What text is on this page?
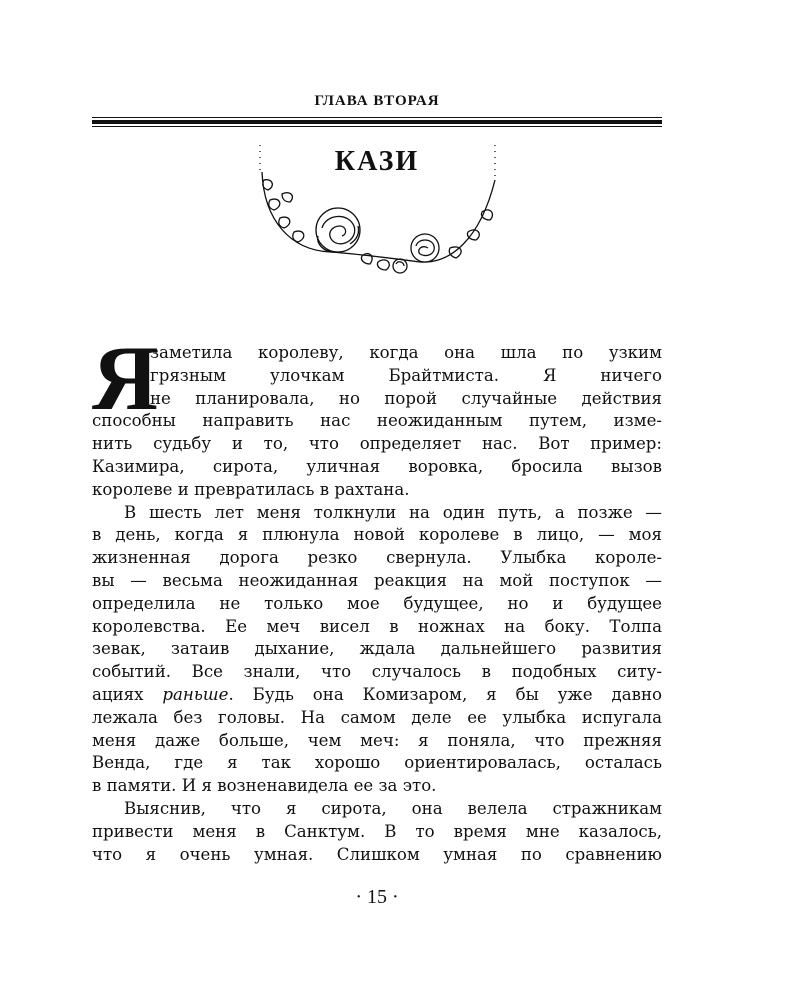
ГЛАВА ВТОРАЯ
КАЗИ
Я
заметила королеву, когда она шла по узким
грязным улочкам Брайтмиста. Я ничего
не планировала, но порой случайные действия
способны направить нас неожиданным путем, изме-
нить судьбу и то, что определяет нас. Вот пример:
Казимира, сирота, уличная воровка, бросила вызов
королеве и превратилась в рахтана.
В шесть лет меня толкнули на один путь, а позже —
в день, когда я плюнула новой королеве в лицо, — моя
жизненная дорога резко свернула. Улыбка короле-
вы — весьма неожиданная реакция на мой поступок —
определила не только мое будущее, но и будущее
королевства. Ее меч висел в ножнах на боку. Толпа
зевак, затаив дыхание, ждала дальнейшего развития
событий. Все знали, что случалось в подобных ситу-
ациях раньше. Будь она Комизаром, я бы уже давно
лежала без головы. На самом деле ее улыбка испугала
меня даже больше, чем меч: я поняла, что прежняя
Венда, где я так хорошо ориентировалась, осталась
в памяти. И я возненавидела ее за это.
Выяснив, что я сирота, она велела стражникам
привести меня в Санктум. В то время мне казалось,
что я очень умная. Слишком умная по сравнению
· 15 ·
